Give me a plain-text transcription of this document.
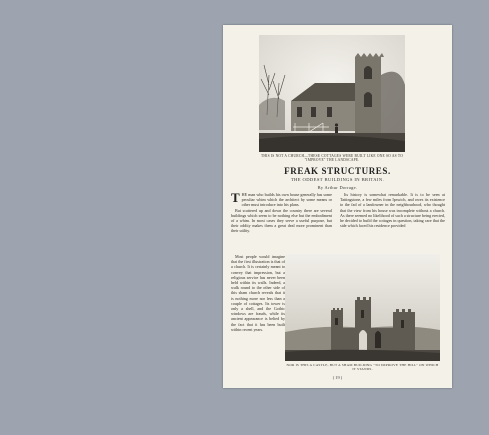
THIS IS NOT A CHURCH—THESE COTTAGES WERE BUILT LIKE ONE SO AS TO "IMPROVE" THE LANDSCAPE.
FREAK STRUCTURES.
THE ODDEST BUILDINGS IN BRITAIN.
By Arthur Dorrage.
T HE man who builds his own house generally has some peculiar whim which the architect by some means or other must introduce into his plans.

But scattered up and down the country there are several buildings which seem to be nothing else but the embodiment of a whim. In most cases they serve a useful purpose, but their oddity makes them a great deal more prominent than their utility.

Its history is somewhat remarkable. It is to be seen at Tattingstone, a few miles from Ipswich, and owes its existence to the fad of a landowner in the neighbourhood, who thought that the view from his house was incomplete without a church. As there seemed no likelihood of such a structure being erected, he decided to build the cottages in question, taking care that the side which faced his residence provided

Most people would imagine that the first illustration is that of a church. It is certainly meant to convey that impression, but a religious service has never been held within its walls. Indeed, a walk round to the other side of this sham church reveals that it is nothing more nor less than a couple of cottages. Its tower is only a shell, and the Gothic windows are frauds, while its ancient appearance is belied by the fact that it has been built within recent years.

NOR IS THIS A CASTLE, BUT A SHAM BUILDING "TO IMPROVE THE HILL" ON WHICH IT STANDS.
( 19 )
